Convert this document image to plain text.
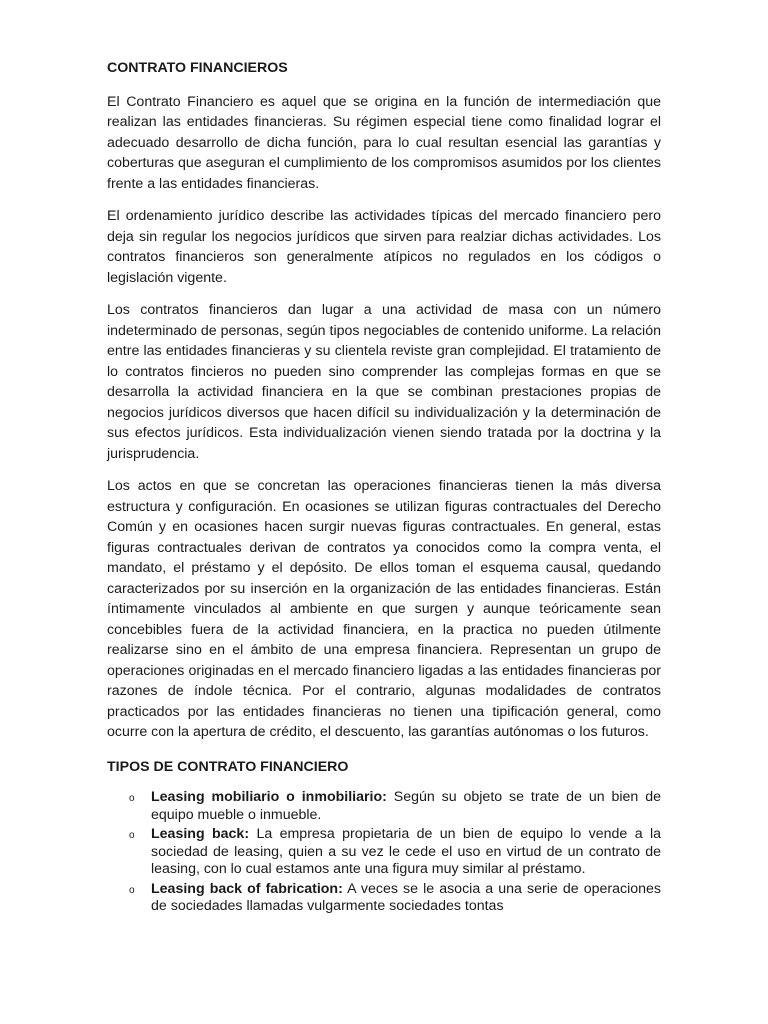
CONTRATO FINANCIEROS

El Contrato Financiero es aquel que se origina en la función de intermediación que realizan las entidades financieras. Su régimen especial tiene como finalidad lograr el adecuado desarrollo de dicha función, para lo cual resultan esencial las garantías y coberturas que aseguran el cumplimiento de los compromisos asumidos por los clientes frente a las entidades financieras.

El ordenamiento jurídico describe las actividades típicas del mercado financiero pero deja sin regular los negocios jurídicos que sirven para realziar dichas actividades. Los contratos financieros son generalmente atípicos no regulados en los códigos o legislación vigente.

Los contratos financieros dan lugar a una actividad de masa con un número indeterminado de personas, según tipos negociables de contenido uniforme. La relación entre las entidades financieras y su clientela reviste gran complejidad. El tratamiento de lo contratos fincieros no pueden sino comprender las complejas formas en que se desarrolla la actividad financiera en la que se combinan prestaciones propias de negocios jurídicos diversos que hacen difícil su individualización y la determinación de sus efectos jurídicos. Esta individualización vienen siendo tratada por la doctrina y la jurisprudencia.

Los actos en que se concretan las operaciones financieras tienen la más diversa estructura y configuración. En ocasiones se utilizan figuras contractuales del Derecho Común y en ocasiones hacen surgir nuevas figuras contractuales. En general, estas figuras contractuales derivan de contratos ya conocidos como la compra venta, el mandato, el préstamo y el depósito. De ellos toman el esquema causal, quedando caracterizados por su inserción en la organización de las entidades financieras. Están íntimamente vinculados al ambiente en que surgen y aunque teóricamente sean concebibles fuera de la actividad financiera, en la practica no pueden útilmente realizarse sino en el ámbito de una empresa financiera. Representan un grupo de operaciones originadas en el mercado financiero ligadas a las entidades financieras por razones de índole técnica. Por el contrario, algunas modalidades de contratos practicados por las entidades financieras no tienen una tipificación general, como ocurre con la apertura de crédito, el descuento, las garantías autónomas o los futuros.

TIPOS DE CONTRATO FINANCIERO
o Leasing mobiliario o inmobiliario: Según su objeto se trate de un bien de equipo mueble o inmueble.
o Leasing back: La empresa propietaria de un bien de equipo lo vende a la sociedad de leasing, quien a su vez le cede el uso en virtud de un contrato de leasing, con lo cual estamos ante una figura muy similar al préstamo.
o Leasing back of fabrication: A veces se le asocia a una serie de operaciones de sociedades llamadas vulgarmente sociedades tontas
